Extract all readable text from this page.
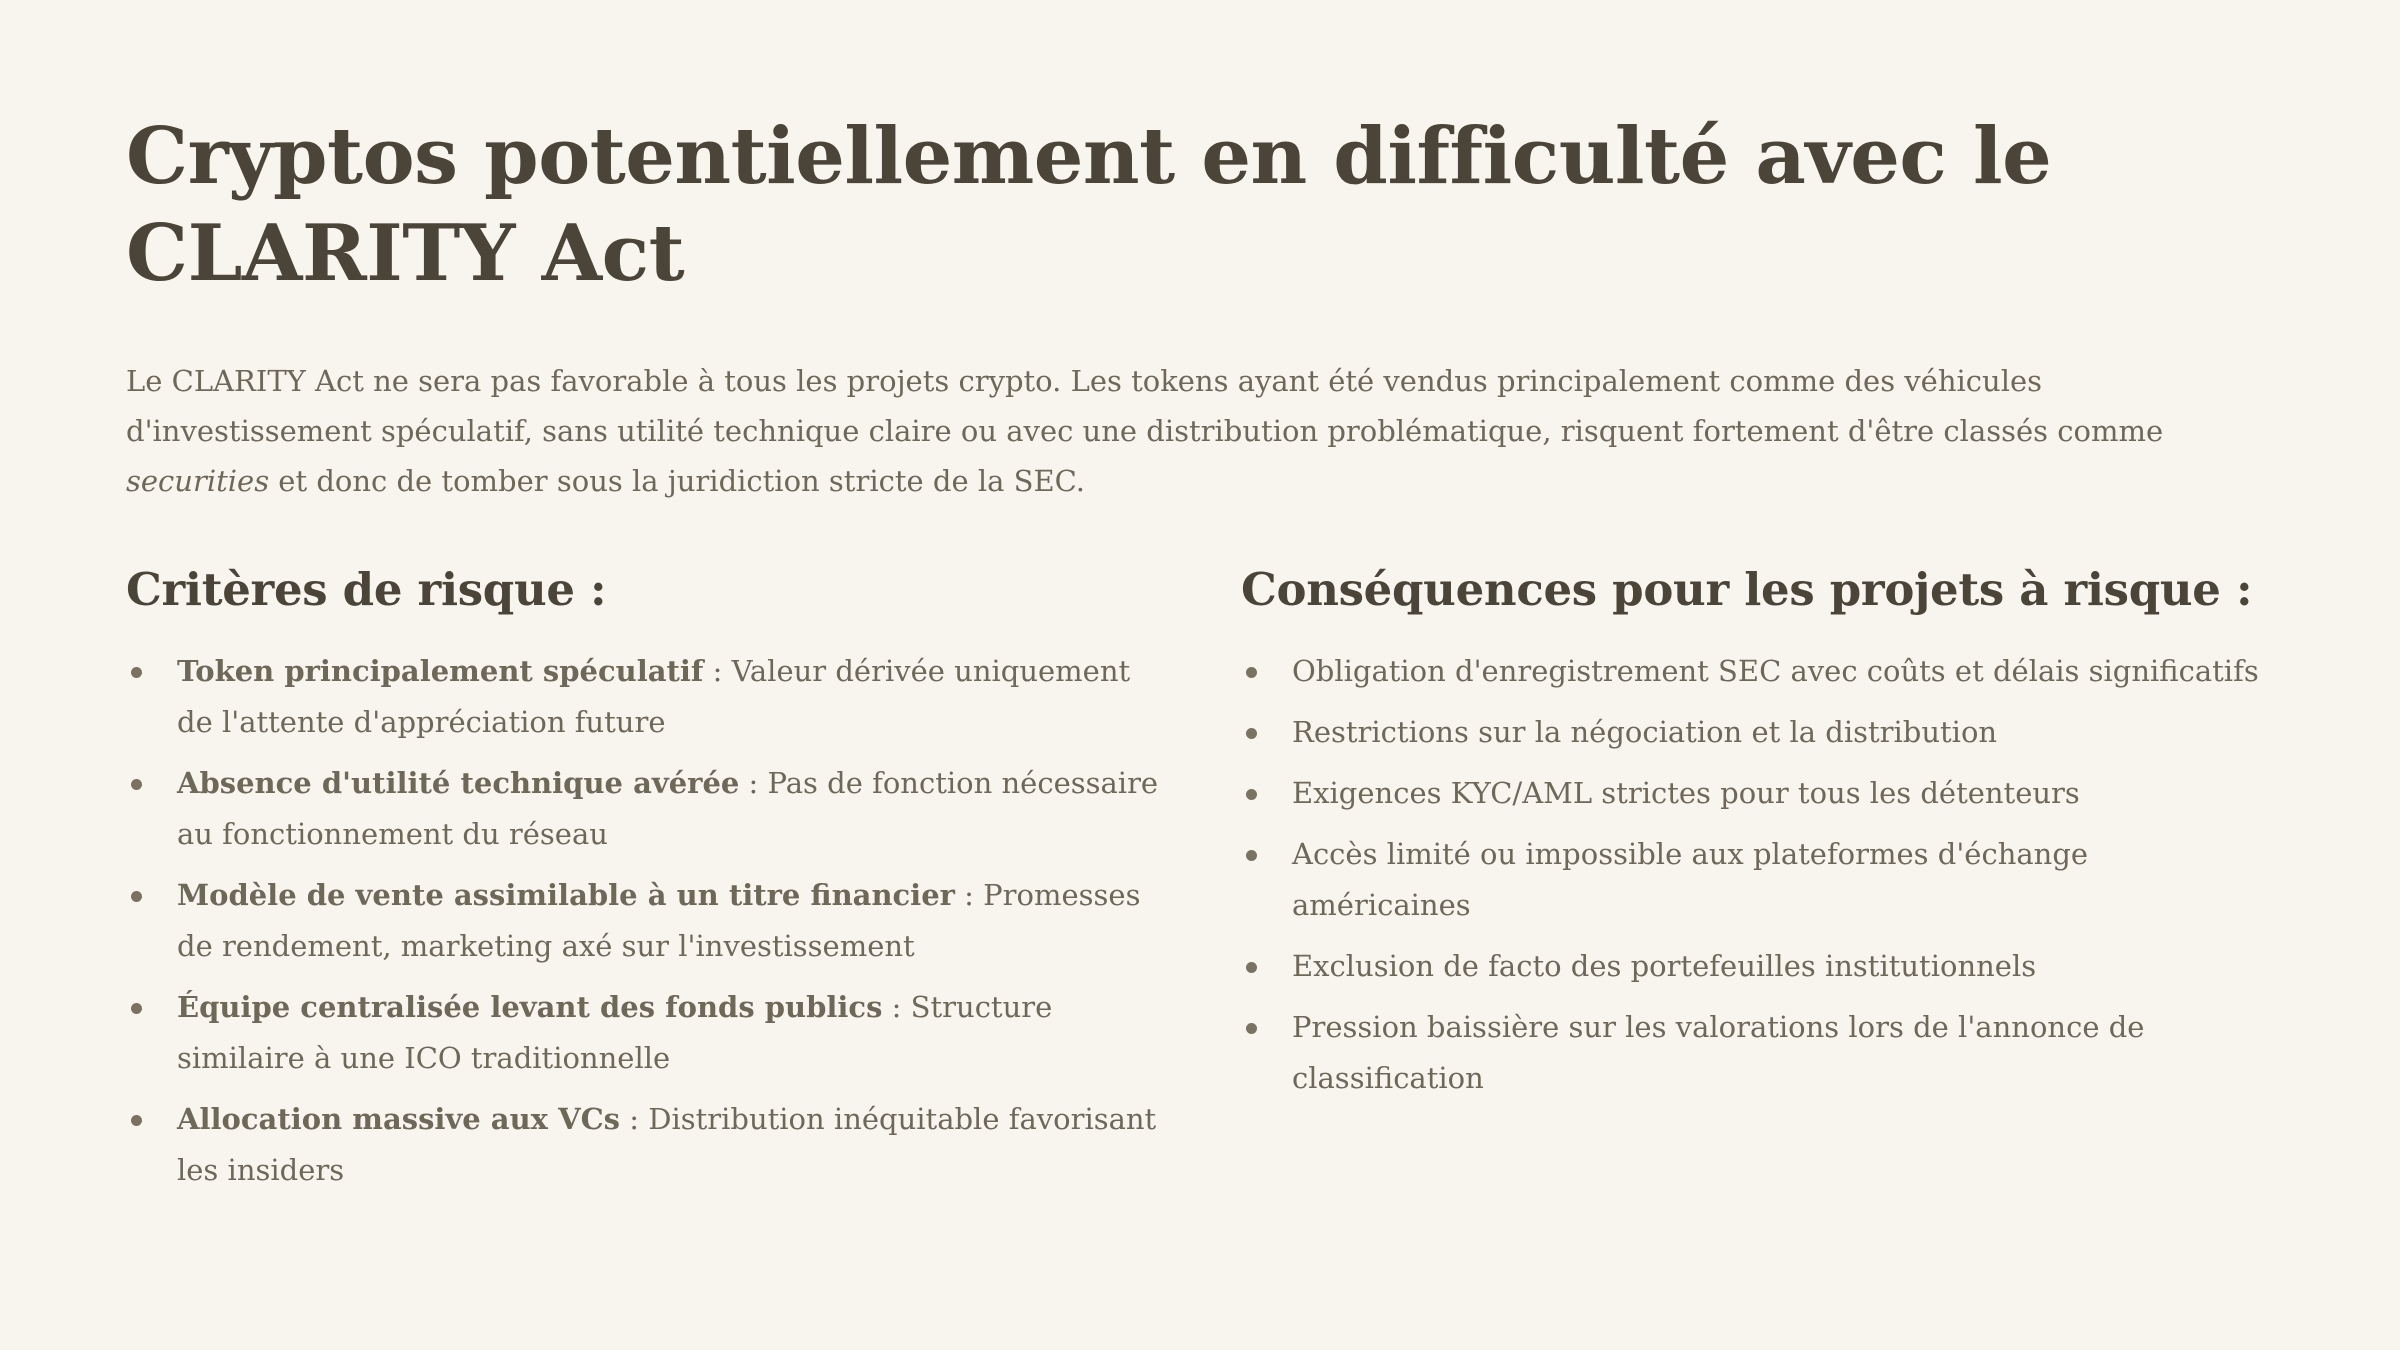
Cryptos potentiellement en difficulté avec le CLARITY Act

Le CLARITY Act ne sera pas favorable à tous les projets crypto. Les tokens ayant été vendus principalement comme des véhicules d'investissement spéculatif, sans utilité technique claire ou avec une distribution problématique, risquent fortement d'être classés comme securities et donc de tomber sous la juridiction stricte de la SEC.

Critères de risque :
Token principalement spéculatif : Valeur dérivée uniquement de l'attente d'appréciation future
Absence d'utilité technique avérée : Pas de fonction nécessaire au fonctionnement du réseau
Modèle de vente assimilable à un titre financier : Promesses de rendement, marketing axé sur l'investissement
Équipe centralisée levant des fonds publics : Structure similaire à une ICO traditionnelle
Allocation massive aux VCs : Distribution inéquitable favorisant les insiders
Conséquences pour les projets à risque :
Obligation d'enregistrement SEC avec coûts et délais significatifs
Restrictions sur la négociation et la distribution
Exigences KYC/AML strictes pour tous les détenteurs
Accès limité ou impossible aux plateformes d'échange américaines
Exclusion de facto des portefeuilles institutionnels
Pression baissière sur les valorations lors de l'annonce de classification
